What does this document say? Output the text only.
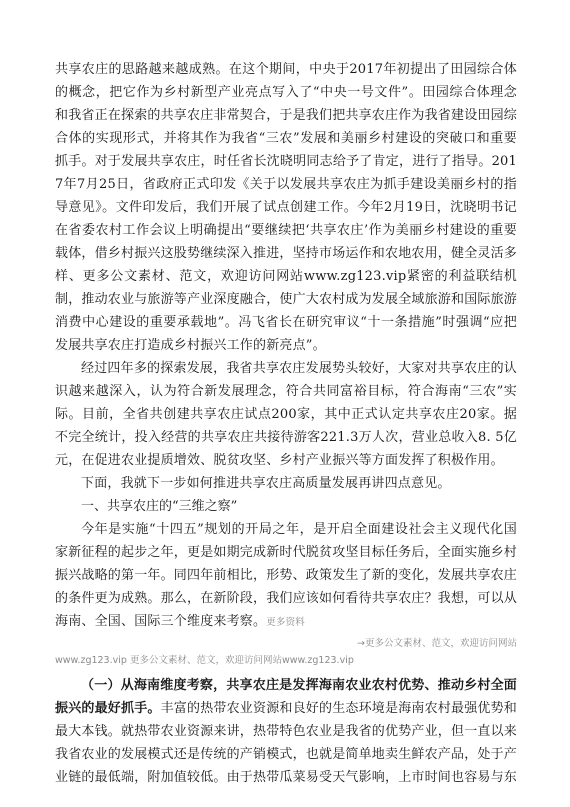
共享农庄的思路越来越成熟。在这个期间，中央于2017年初提出了田园综合体的概念，把它作为乡村新型产业亮点写入了“中央一号文件”。田园综合体理念和我省正在探索的共享农庄非常契合，于是我们把共享农庄作为我省建设田园综合体的实现形式，并将其作为我省“三农”发展和美丽乡村建设的突破口和重要抓手。对于发展共享农庄，时任省长沈晓明同志给予了肯定，进行了指导。2017年7月25日，省政府正式印发《关于以发展共享农庄为抓手建设美丽乡村的指导意见》。文件印发后，我们开展了试点创建工作。今年2月19日，沈晓明书记在省委农村工作会议上明确提出“要继续把‘共享农庄’作为美丽乡村建设的重要载体，借乡村振兴这股势继续深入推进，坚持市场运作和农地农用，健全灵活多样、更多公文素材、范文，欢迎访问网站www.zg123.vip紧密的利益联结机制，推动农业与旅游等产业深度融合，使广大农村成为发展全域旅游和国际旅游消费中心建设的重要承载地”。冯飞省长在研究审议“十一条措施”时强调“应把发展共享农庄打造成乡村振兴工作的新亮点”。

经过四年多的探索发展，我省共享农庄发展势头较好，大家对共享农庄的认识越来越深入，认为符合新发展理念，符合共同富裕目标，符合海南“三农”实际。目前，全省共创建共享农庄试点200家，其中正式认定共享农庄20家。据不完全统计，投入经营的共享农庄共接待游客221.3万人次，营业总收入8. 5亿元，在促进农业提质增效、脱贫攻坚、乡村产业振兴等方面发挥了积极作用。

下面，我就下一步如何推进共享农庄高质量发展再讲四点意见。

一、共享农庄的“三维之察”

今年是实施“十四五”规划的开局之年，是开启全面建设社会主义现代化国家新征程的起步之年，更是如期完成新时代脱贫攻坚目标任务后，全面实施乡村振兴战略的第一年。同四年前相比，形势、政策发生了新的变化，发展共享农庄的条件更为成熟。那么，在新阶段，我们应该如何看待共享农庄？我想，可以从海南、全国、国际三个维度来考察。更多资料

→更多公文素材、范文，欢迎访问网站

www.zg123.vip 更多公文素材、范文，欢迎访问网站www.zg123.vip

（一）从海南维度考察，共享农庄是发挥海南农业农村优势、推动乡村全面振兴的最好抓手。丰富的热带农业资源和良好的生态环境是海南农村最强优势和最大本钱。就热带农业资源来讲，热带特色农业是我省的优势产业，但一直以来我省农业的发展模式还是传统的产销模式，也就是简单地卖生鲜农产品，处于产业链的最低端，附加值较低。由于热带瓜菜易受天气影响，上市时间也容易与东
